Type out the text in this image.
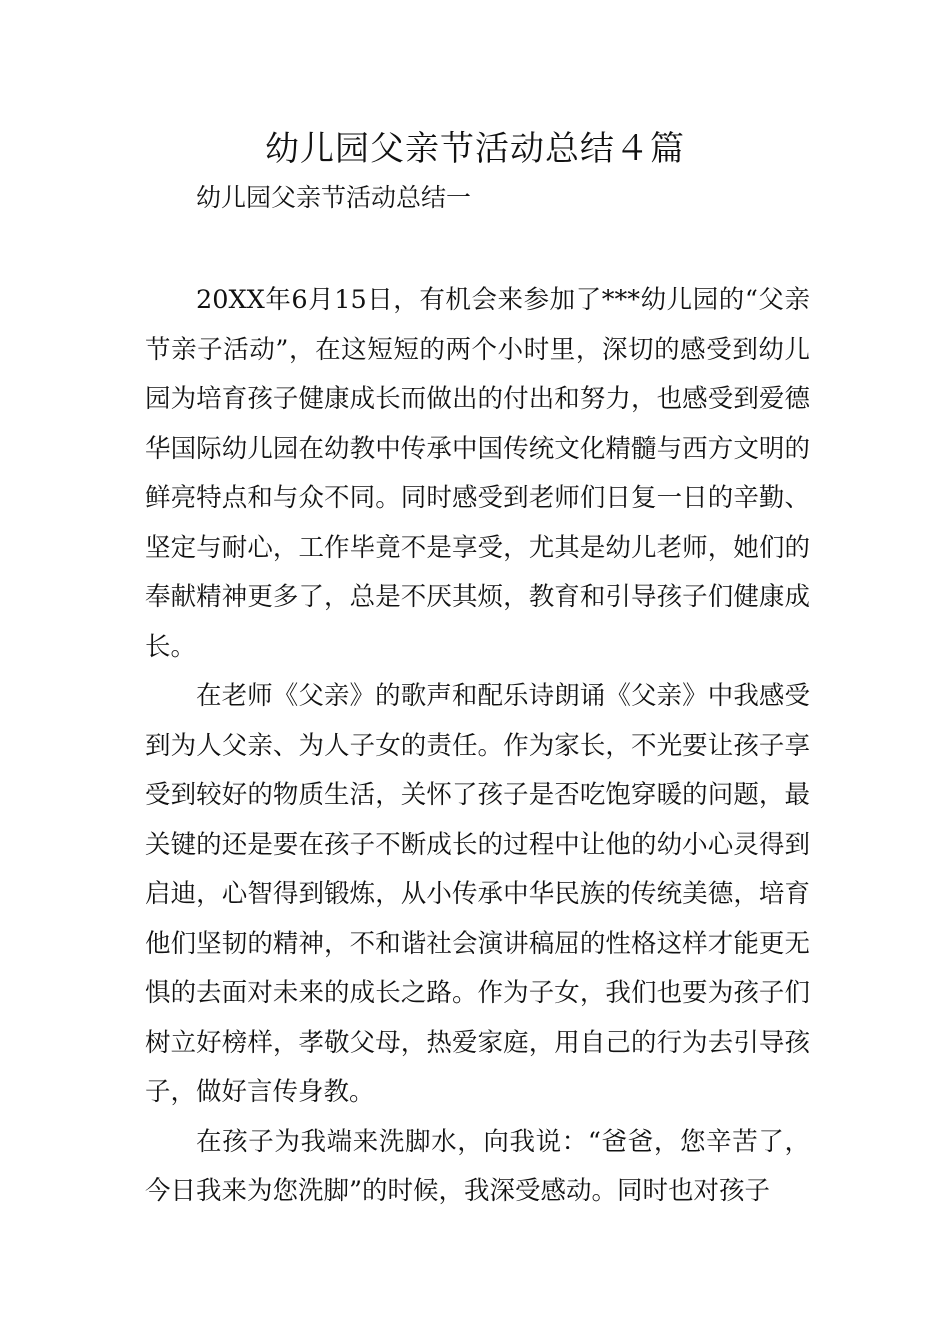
幼儿园父亲节活动总结４篇

幼儿园父亲节活动总结一

20XX年6月15日，有机会来参加了***幼儿园的“父亲节亲子活动”，在这短短的两个小时里，深切的感受到幼儿园为培育孩子健康成长而做出的付出和努力，也感受到爱德华国际幼儿园在幼教中传承中国传统文化精髓与西方文明的鲜亮特点和与众不同。同时感受到老师们日复一日的辛勤、坚定与耐心，工作毕竟不是享受，尤其是幼儿老师，她们的奉献精神更多了，总是不厌其烦，教育和引导孩子们健康成长。

在老师《父亲》的歌声和配乐诗朗诵《父亲》中我感受到为人父亲、为人子女的责任。作为家长，不光要让孩子享受到较好的物质生活，关怀了孩子是否吃饱穿暖的问题，最关键的还是要在孩子不断成长的过程中让他的幼小心灵得到启迪，心智得到锻炼，从小传承中华民族的传统美德，培育他们坚韧的精神，不和谐社会演讲稿屈的性格这样才能更无惧的去面对未来的成长之路。作为子女，我们也要为孩子们树立好榜样，孝敬父母，热爱家庭，用自己的行为去引导孩子，做好言传身教。

在孩子为我端来洗脚水，向我说：“爸爸，您辛苦了，今日我来为您洗脚”的时候，我深受感动。同时也对孩子
